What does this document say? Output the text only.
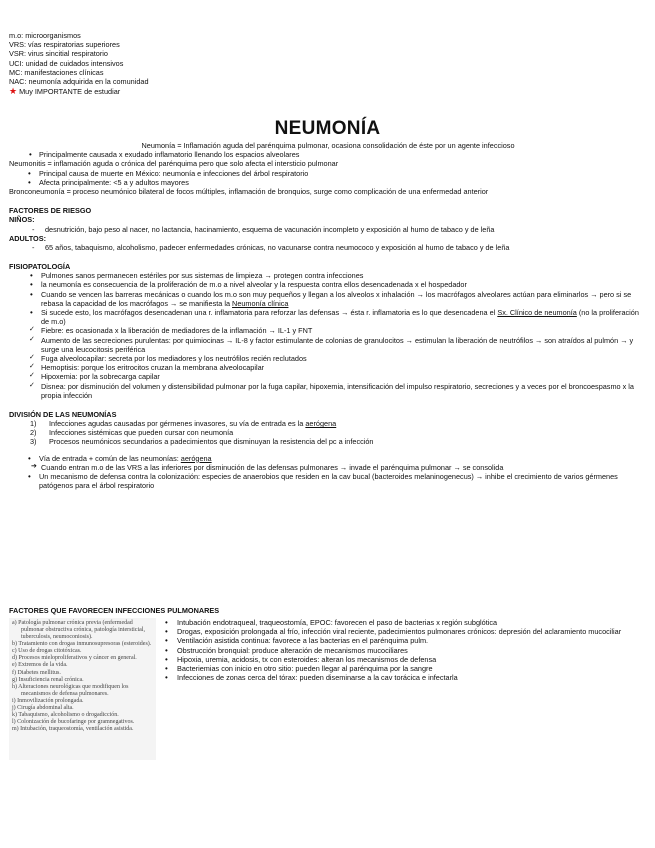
m.o: microorganismos
VRS: vías respiratorias superiores
VSR: virus sincitial respiratorio
UCI: unidad de cuidados intensivos
MC: manifestaciones clínicas
NAC: neumonía adquirida en la comunidad
★ Muy IMPORTANTE de estudiar
NEUMONÍA
Neumonía = Inflamación aguda del parénquima pulmonar, ocasiona consolidación de éste por un agente infeccioso
• Principalmente causada x exudado inflamatorio llenando los espacios alveolares
Neumonitis = inflamación aguda o crónica del parénquima pero que solo afecta el intersticio pulmonar
• Principal causa de muerte en México: neumonía e infecciones del árbol respiratorio
• Afecta principalmente: <5 a y adultos mayores
Bronconeumonía = proceso neumónico bilateral de focos múltiples, inflamación de bronquios, surge como complicación de una enfermedad anterior
FACTORES DE RIESGO
NIÑOS:
- desnutrición, bajo peso al nacer, no lactancia, hacinamiento, esquema de vacunación incompleto y exposición al humo de tabaco y de leña
ADULTOS:
- 65 años, tabaquismo, alcoholismo, padecer enfermedades crónicas, no vacunarse contra neumococo y exposición al humo de tabaco y de leña
FISIOPATOLOGÍA
• Pulmones sanos permanecen estériles por sus sistemas de limpieza → protegen contra infecciones
• la neumonía es consecuencia de la proliferación de m.o a nivel alveolar y la respuesta contra ellos desencadenada x el hospedador
• Cuando se vencen las barreras mecánicas o cuando los m.o son muy pequeños y llegan a los alveolos x inhalación → los macrófagos alveolares actúan para eliminarlos → pero si se rebasa la capacidad de los macrófagos → se manifiesta la Neumonía clínica
• Si sucede esto, los macrófagos desencadenan una r. inflamatoria para reforzar las defensas → ésta r. inflamatoria es lo que desencadena el Sx. Clínico de neumonía (no la proliferación de m.o)
✓ Fiebre: es ocasionada x la liberación de mediadores de la inflamación → IL-1 y FNT
✓ Aumento de las secreciones purulentas: por quimiocinas → IL-8 y factor estimulante de colonias de granulocitos → estimulan la liberación de neutrófilos → son atraídos al pulmón → y surge una leucocitosis periférica
✓ Fuga alveolocapilar: secreta por los mediadores y los neutrófilos recién reclutados
✓ Hemoptisis: porque los eritrocitos cruzan la membrana alveolocapilar
✓ Hipoxemia: por la sobrecarga capilar
✓ Disnea: por disminución del volumen y distensibilidad pulmonar por la fuga capilar, hipoxemia, intensificación del impulso respiratorio, secreciones y a veces por el broncoespasmo x la propia infección
DIVISIÓN DE LAS NEUMONÍAS
1) Infecciones agudas causadas por gérmenes invasores, su vía de entrada es la aerógena
2) Infecciones sistémicas que pueden cursar con neumonía
3) Procesos neumónicos secundarios a padecimientos que disminuyan la resistencia del pc a infección
• Vía de entrada + común de las neumonías: aerógena
➔ Cuando entran m.o de las VRS a las inferiores por disminución de las defensas pulmonares → invade el parénquima pulmonar → se consolida
• Un mecanismo de defensa contra la colonización: especies de anaerobios que residen en la cav bucal (bacteroides melaninogenecus) → inhibe el crecimiento de varios gérmenes patógenos para el árbol respiratorio
FACTORES QUE FAVORECEN INFECCIONES PULMONARES
a) Patología pulmonar crónica previa (enfermedad pulmonar obstructiva crónica, patología intersticial, tuberculosis, neumoconiosis).
b) Tratamiento con drogas inmunosupresoras (esteroides).
c) Uso de drogas citotóxicas.
d) Procesos mieloproliferativos y cáncer en general.
e) Extremos de la vida.
f) Diabetes mellitus.
g) Insuficiencia renal crónica.
h) Alteraciones neurológicas que modifiquen los mecanismos de defensa pulmonares.
i) Inmovilización prolongada.
j) Cirugía abdominal alta.
k) Tabaquismo, alcoholismo o drogadicción.
l) Colonización de bucofaringe por gramnegativos.
m) Intubación, traqueostomía, ventilación asistida.
• Intubación endotraqueal, traqueostomía, EPOC: favorecen el paso de bacterias x región subglótica
• Drogas, exposición prolongada al frío, infección viral reciente, padecimientos pulmonares crónicos: depresión del aclaramiento mucociliar
• Ventilación asistida continua: favorece a las bacterias en el parénquima pulm.
• Obstrucción bronquial: produce alteración de mecanismos mucociliares
• Hipoxia, uremia, acidosis, tx con esteroides: alteran los mecanismos de defensa
• Bacteriemias con inicio en otro sitio: pueden llegar al parénquima por la sangre
• Infecciones de zonas cerca del tórax: pueden diseminarse a la cav torácica e infectarla
